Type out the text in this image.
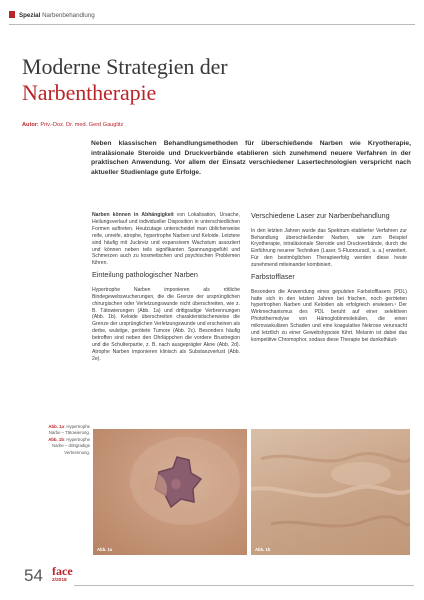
Spezial Narbenbehandlung
Moderne Strategien der
Narbentherapie
Autor: Priv.-Doz. Dr. med. Gerd Gauglitz
Neben klassischen Behandlungsmethoden für überschießende Narben wie Kryotherapie, intraläsionale Steroide und Druckverbände etablieren sich zunehmend neuere Verfahren in der praktischen Anwendung. Vor allem der Einsatz verschiedener Lasertechnologien verspricht nach aktueller Studienlage gute Erfolge.

Narben können in Abhängigkeit von Lokalisation, Ursache, Heilungsverlauf und individueller Disposition in unterschiedlichen Formen auftreten. Heutzutage unterscheidet man üblicherweise reife, unreife, atrophe, hypertrophe Narben und Keloide. Letztere sind häufig mit Juckreiz und expansivem Wachstum assoziiert und können neben teils signifikanten Spannungsgefühl und Schmerzen auch zu kosmetischen und psychischen Problemen führen.

Einteilung pathologischer Narben

Hypertrophe Narben imponieren als rötliche Bindegewebswucherungen, die die Grenze der ursprünglichen chirurgischen oder Verletzungswunde nicht überschreiten, wie z. B. Tätowierungen (Abb. 1a) und drittgradige Verbrennungen (Abb. 1b). Keloide überschreiten charakteristischerweise die Grenze der ursprünglichen Verletzungswunde und erscheinen als derbe, wulstige, gerötete Tumore (Abb. 2c). Besonders häufig betroffen sind neben den Ohrläppchen die vordere Brustregion und die Schulterpartie, z. B. nach ausgeprägter Akne (Abb. 2d). Atrophe Narben imponieren klinisch als Substanzverlust (Abb. 2e).

Verschiedene Laser zur Narbenbehandlung

In den letzten Jahren wurde das Spektrum etablierter Verfahren zur Behandlung überschießender Narben, wie zum Beispiel Kryotherapie, intraläsionale Steroide und Druckverbände, durch die Einführung neuerer Techniken (Laser, 5-Fluorouracil, u. a.) erweitert. Für den bestmöglichen Therapieerfolg werden diese heute zunehmend miteinander kombiniert.

Farbstofflaser

Besonders die Anwendung eines gepulsten Farbstofflasers (PDL) hatte sich in den letzten Jahren bei frischen, noch geröteten hypertrophen Narben und Keloiden als erfolgreich erwiesen.¹ Der Wirkmechanismus des PDL beruht auf einer selektiven Photothermolyse von Hämoglobinmolekülen, die einen mikrovaskulären Schaden und eine koagulative Nekrose verursacht und letztlich zu einer Gewebshypoxie führt. Melanin ist dabei das kompetitive Chromophor, sodass diese Therapie bei dunkelhäuti-

Abb. 1a: Hypertrophe Narbe – Tätowierung.
Abb. 1b: Hypertrophe Narbe – drittgradige Verbrennung.
Abb. 1a	Abb. 1b
54 face
2/2018
